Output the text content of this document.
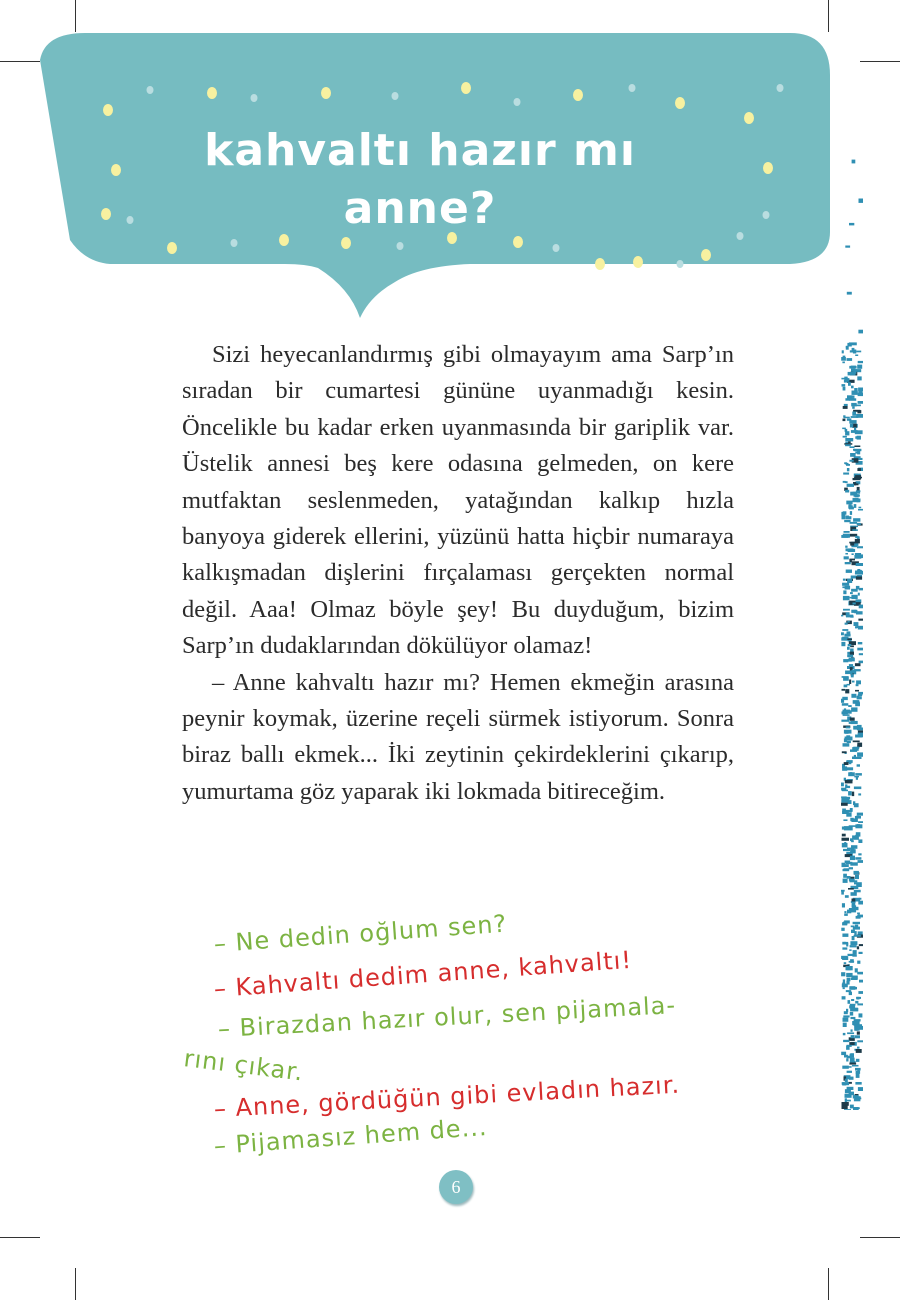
kahvaltı hazır mı
anne?

Sizi heyecanlandırmış gibi olmayayım ama Sarp’ın sıradan bir cumartesi gününe uyanmadığı kesin. Öncelikle bu kadar erken uyanmasında bir gariplik var. Üstelik annesi beş kere odasına gelmeden, on kere mutfaktan seslenmeden, yatağından kalkıp hızla banyoya giderek ellerini, yüzünü hatta hiçbir numaraya kalkışmadan dişlerini fırçalaması gerçekten normal değil. Aaa! Olmaz böyle şey! Bu duyduğum, bizim Sarp’ın dudaklarından dökülüyor olamaz!

– Anne kahvaltı hazır mı? Hemen ekmeğin arasına peynir koymak, üzerine reçeli sürmek istiyorum. Sonra biraz ballı ekmek... İki zeytinin çekirdeklerini çıkarıp, yumurtama göz yaparak iki lokmada bitireceğim.

– Ne dedin oğlum sen?
– Kahvaltı dedim anne, kahvaltı!
– Birazdan hazır olur, sen pijamala-
rını çıkar.
– Anne, gördüğün gibi evladın hazır.
– Pijamasız hem de...
6
